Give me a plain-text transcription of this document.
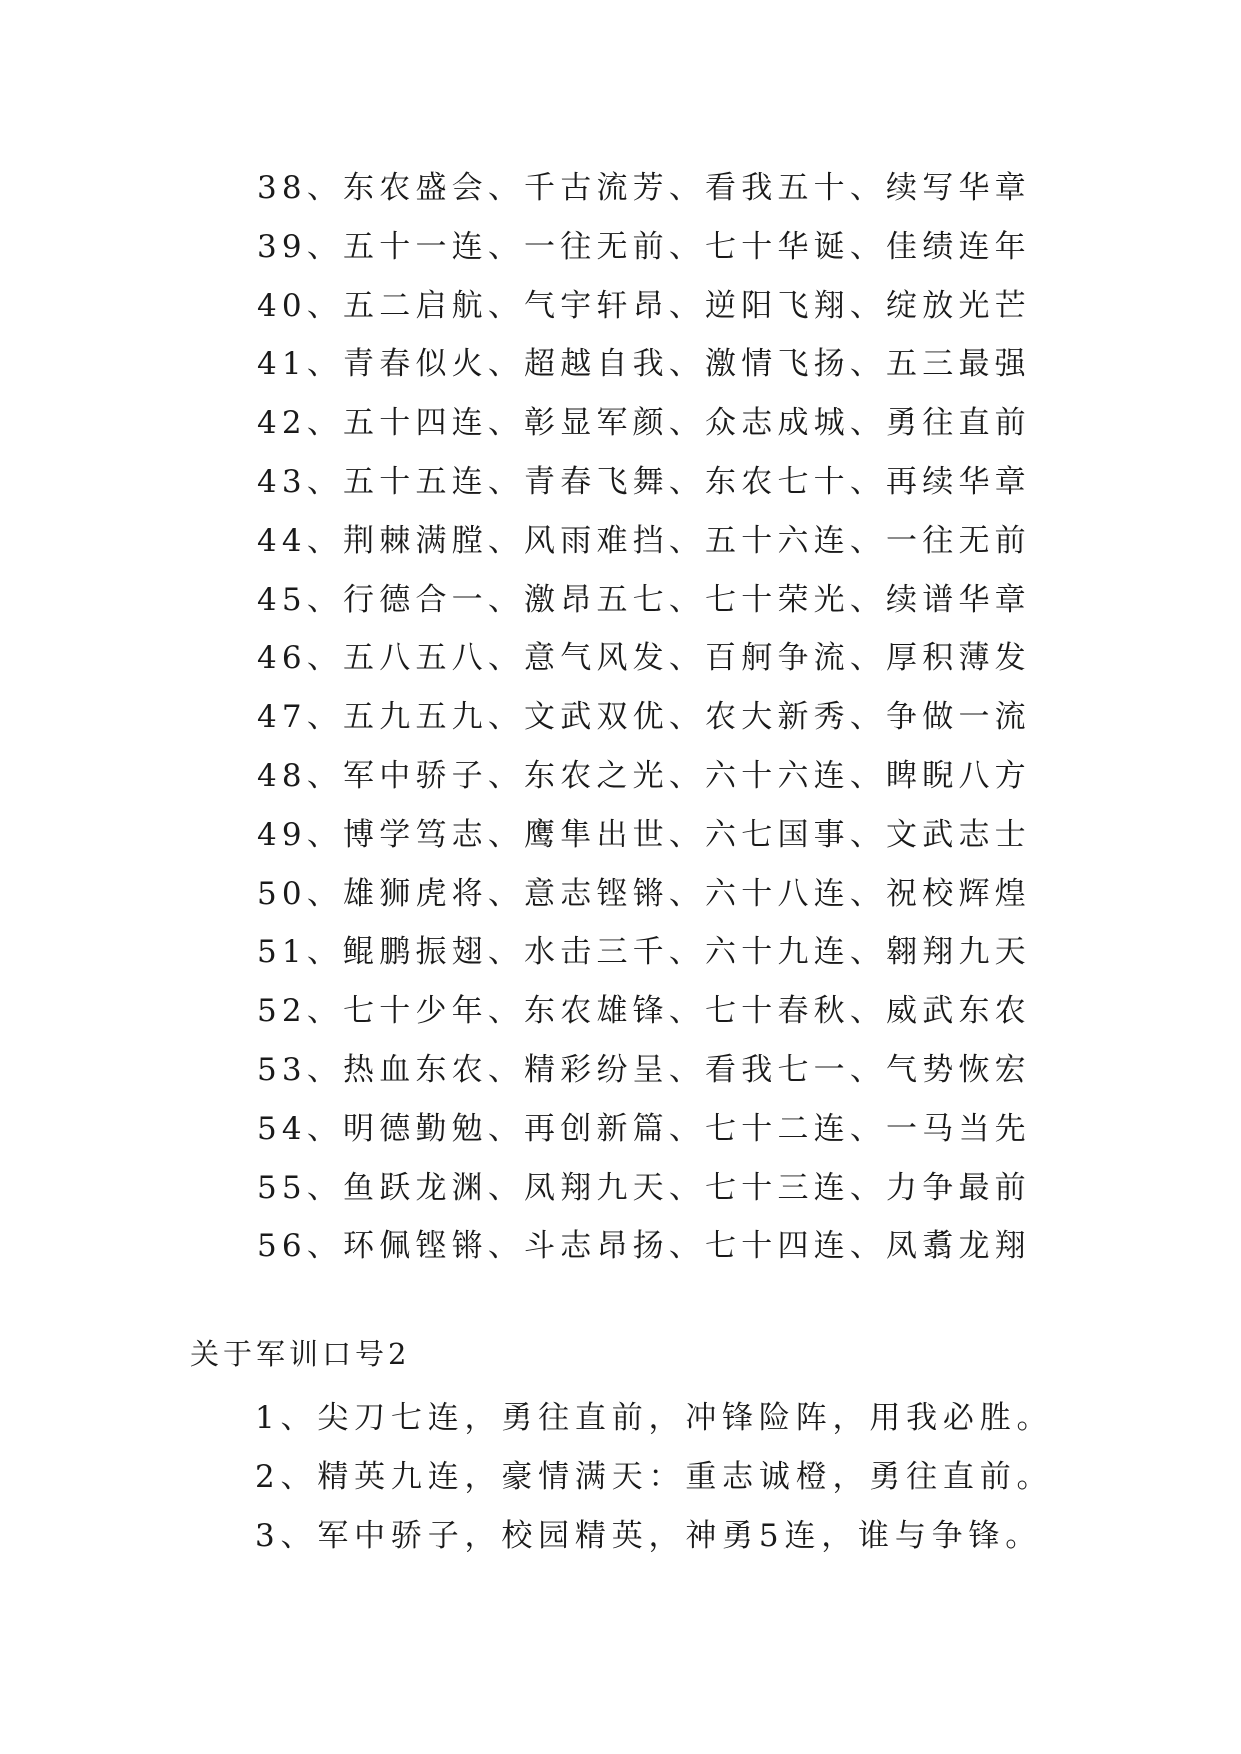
38、东农盛会、千古流芳、看我五十、续写华章
39、五十一连、一往无前、七十华诞、佳绩连年
40、五二启航、气宇轩昂、逆阳飞翔、绽放光芒
41、青春似火、超越自我、激情飞扬、五三最强
42、五十四连、彰显军颜、众志成城、勇往直前
43、五十五连、青春飞舞、东农七十、再续华章
44、荆棘满膛、风雨难挡、五十六连、一往无前
45、行德合一、激昂五七、七十荣光、续谱华章
46、五八五八、意气风发、百舸争流、厚积薄发
47、五九五九、文武双优、农大新秀、争做一流
48、军中骄子、东农之光、六十六连、睥睨八方
49、博学笃志、鹰隼出世、六七国事、文武志士
50、雄狮虎将、意志铿锵、六十八连、祝校辉煌
51、鲲鹏振翅、水击三千、六十九连、翱翔九天
52、七十少年、东农雄锋、七十春秋、威武东农
53、热血东农、精彩纷呈、看我七一、气势恢宏
54、明德勤勉、再创新篇、七十二连、一马当先
55、鱼跃龙渊、凤翔九天、七十三连、力争最前
56、环佩铿锵、斗志昂扬、七十四连、凤翥龙翔
关于军训口号2
1、尖刀七连，勇往直前，冲锋险阵，用我必胜。
2、精英九连，豪情满天：重志诚橙，勇往直前。
3、军中骄子，校园精英，神勇5连，谁与争锋。
